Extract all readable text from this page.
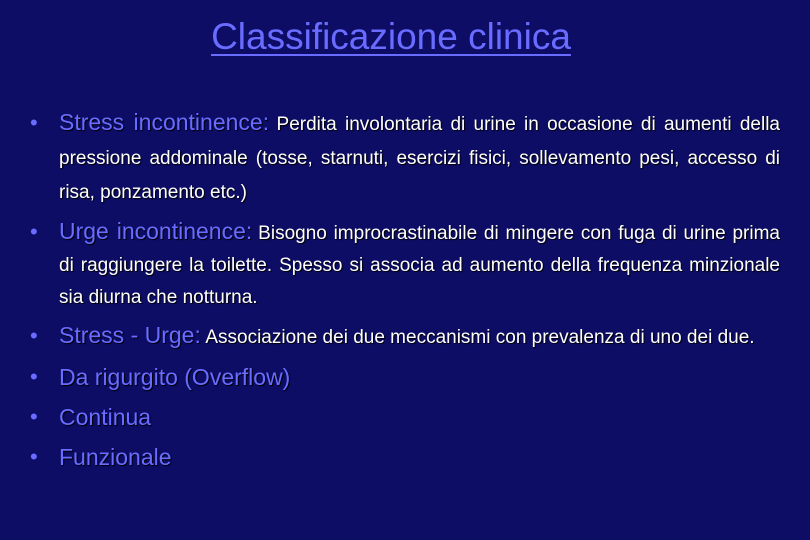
Classificazione clinica
• Stress incontinence: Perdita involontaria di urine in occasione di aumenti della pressione addominale (tosse, starnuti, esercizi fisici, sollevamento pesi, accesso di risa, ponzamento etc.)
• Urge incontinence: Bisogno improcrastinabile di mingere con fuga di urine prima di raggiungere la toilette. Spesso si associa ad aumento della frequenza minzionale sia diurna che notturna.
• Stress - Urge: Associazione dei due meccanismi con prevalenza di uno dei due.
• Da rigurgito (Overflow)
• Continua
• Funzionale
